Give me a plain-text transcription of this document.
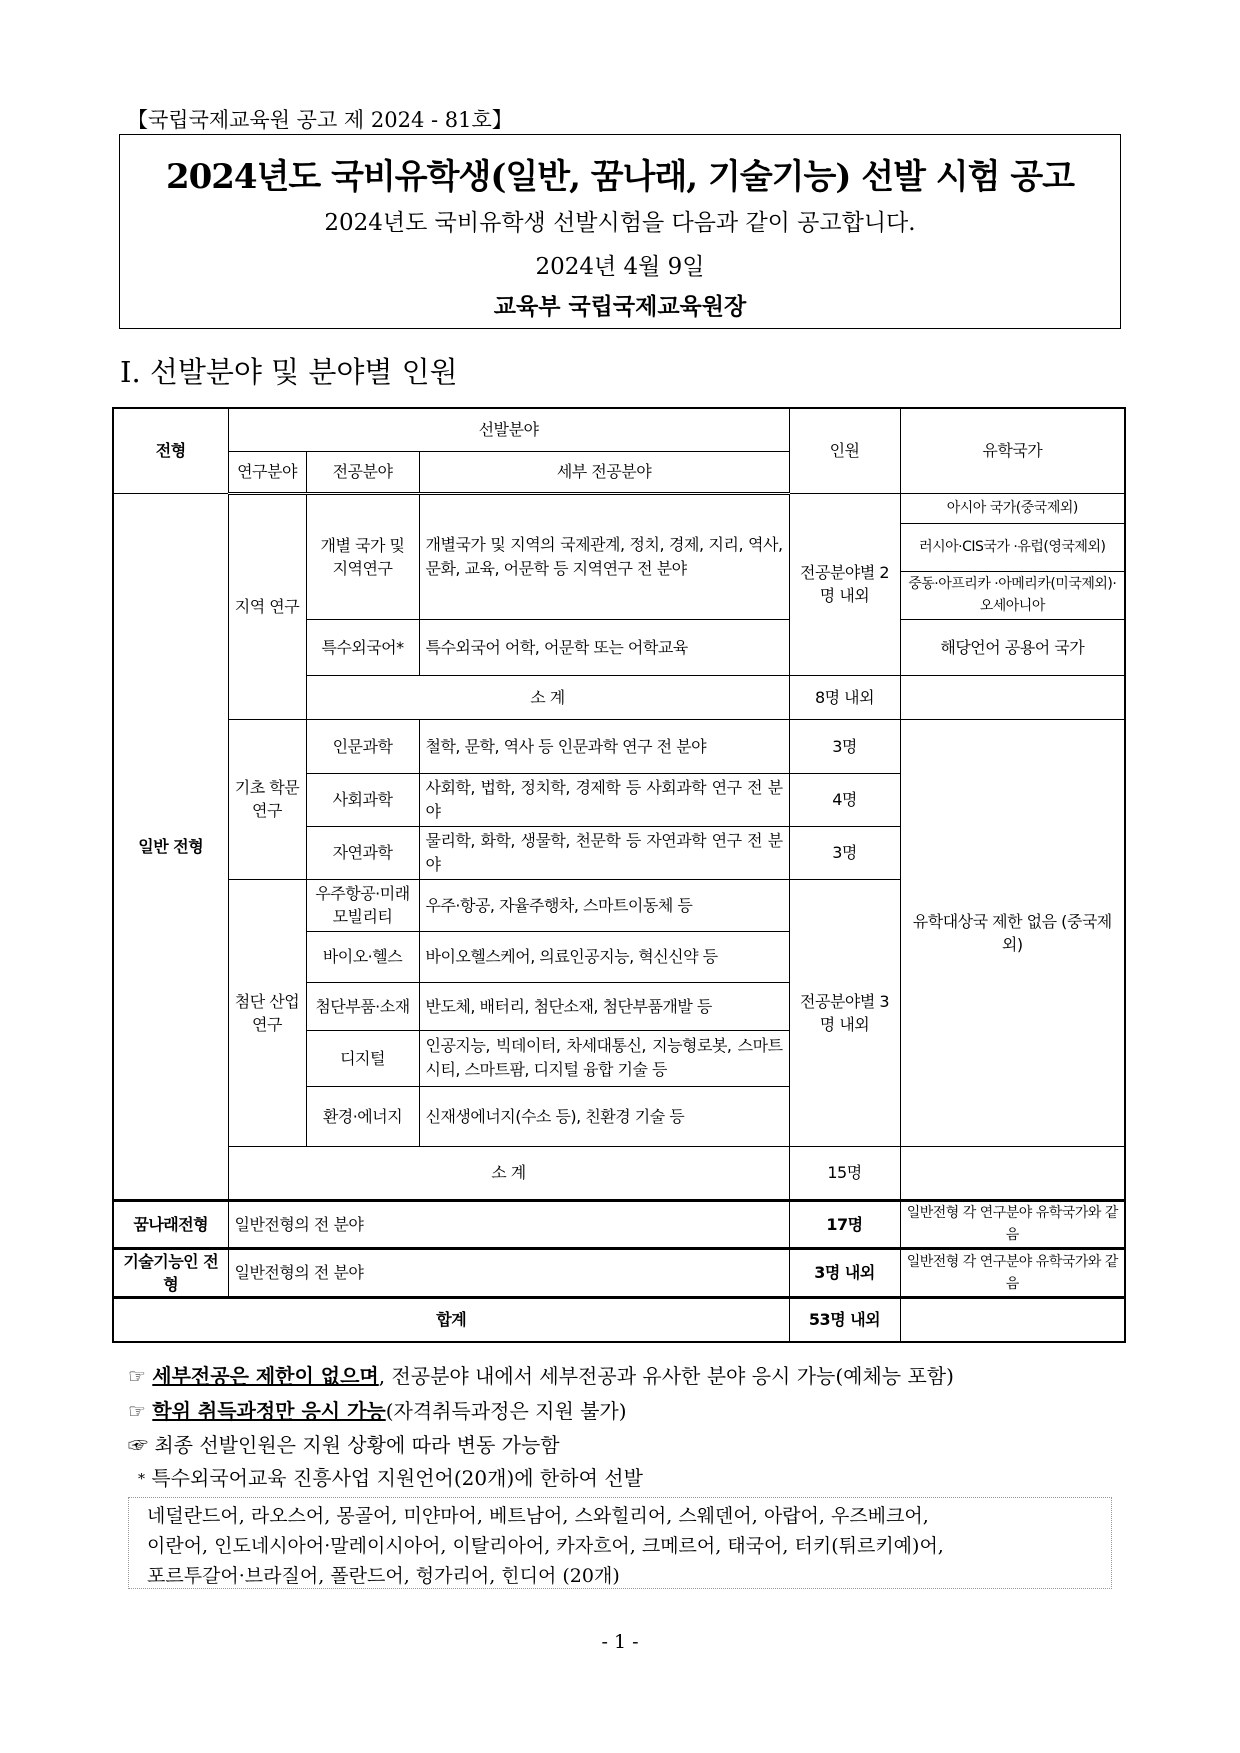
【국립국제교육원 공고 제 2024 - 81호】
2024년도 국비유학생(일반, 꿈나래, 기술기능) 선발 시험 공고
2024년도 국비유학생 선발시험을 다음과 같이 공고합니다.
2024년 4월 9일
교육부 국립국제교육원장
Ⅰ. 선발분야 및 분야별 인원
전형	선발분야			인원	유학국가
	연구분야	전공분야	세부 전공분야		
일반 전형	지역 연구	개별 국가 및 지역연구	개별국가 및 지역의 국제관계, 정치, 경제, 지리, 역사, 문화, 교육, 어문학 등 지역연구 전 분야	전공분야별 2명 내외	아시아 국가(중국제외)
					러시아·CIS국가 ·유럽(영국제외)
					중동·아프리카 ·아메리카(미국제외)·오세아니아
		특수외국어*	특수외국어 어학, 어문학 또는 어학교육		해당언어 공용어 국가
		소 계		8명 내외	
	기초 학문 연구	인문과학	철학, 문학, 역사 등 인문과학 연구 전 분야	3명	유학대상국 제한 없음 (중국제외)
		사회과학	사회학, 법학, 정치학, 경제학 등 사회과학 연구 전 분야	4명	
		자연과학	물리학, 화학, 생물학, 천문학 등 자연과학 연구 전 분야	3명	
	첨단 산업 연구	우주항공·미래 모빌리티	우주·항공, 자율주행차, 스마트이동체 등	전공분야별 3명 내외	
		바이오·헬스	바이오헬스케어, 의료인공지능, 혁신신약 등		
		첨단부품·소재	반도체, 배터리, 첨단소재, 첨단부품개발 등		
		디지털	인공지능, 빅데이터, 차세대통신, 지능형로봇, 스마트시티, 스마트팜, 디지털 융합 기술 등		
		환경·에너지	신재생에너지(수소 등), 친환경 기술 등		
	소 계			15명	
꿈나래전형	일반전형의 전 분야			17명	일반전형 각 연구분야 유학국가와 같음
기술기능인 전형	일반전형의 전 분야			3명 내외	일반전형 각 연구분야 유학국가와 같음
합계				53명 내외	
☞ 세부전공은 제한이 없으며, 전공분야 내에서 세부전공과 유사한 분야 응시 가능(예체능 포함)
☞ 학위 취득과정만 응시 가능(자격취득과정은 지원 불가)
☞ 최종 선발인원은 지원 상황에 따라 변동 가능함
* 특수외국어교육 진흥사업 지원언어(20개)에 한하여 선발
네덜란드어, 라오스어, 몽골어, 미얀마어, 베트남어, 스와힐리어, 스웨덴어, 아랍어, 우즈베크어,
이란어, 인도네시아어·말레이시아어, 이탈리아어, 카자흐어, 크메르어, 태국어, 터키(튀르키예)어,
포르투갈어·브라질어, 폴란드어, 헝가리어, 힌디어 (20개)
- 1 -
